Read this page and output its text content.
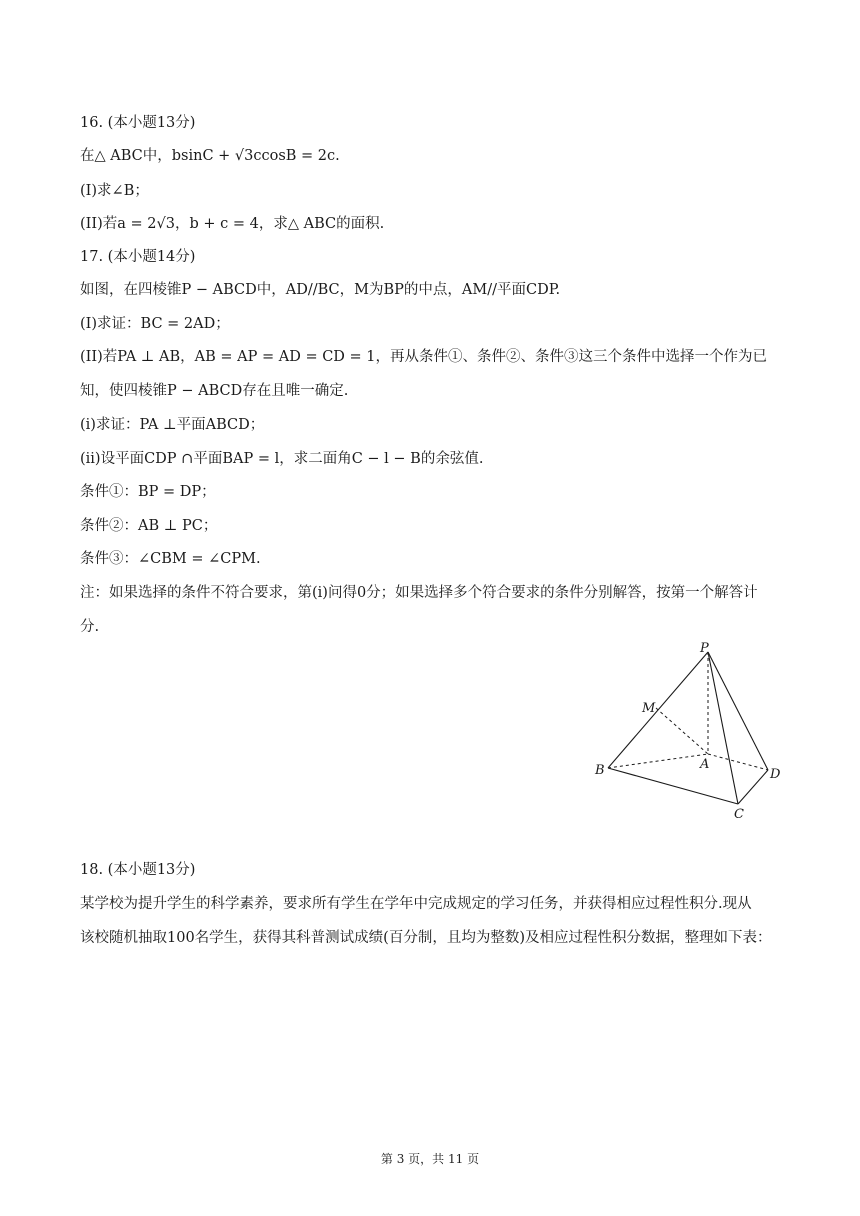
16. (本小题13分)
在△ ABC中，bsinC + √3ccosB = 2c.
(I)求∠B；
(II)若a = 2√3，b + c = 4，求△ ABC的面积.
17. (本小题14分)
如图，在四棱锥P − ABCD中，AD//BC，M为BP的中点，AM//平面CDP.
(I)求证：BC = 2AD；
(II)若PA ⊥ AB，AB = AP = AD = CD = 1，再从条件①、条件②、条件③这三个条件中选择一个作为已
知，使四棱锥P − ABCD存在且唯一确定.
(i)求证：PA ⊥平面ABCD；
(ii)设平面CDP ∩平面BAP = l，求二面角C − l − B的余弦值.
条件①：BP = DP；
条件②：AB ⊥ PC；
条件③：∠CBM = ∠CPM.
注：如果选择的条件不符合要求，第(i)问得0分；如果选择多个符合要求的条件分别解答，按第一个解答计
分.
P
M
A
B
C
D
18. (本小题13分)
某学校为提升学生的科学素养，要求所有学生在学年中完成规定的学习任务，并获得相应过程性积分.现从
该校随机抽取100名学生，获得其科普测试成绩(百分制，且均为整数)及相应过程性积分数据，整理如下表：
第 3 页，共 11 页
